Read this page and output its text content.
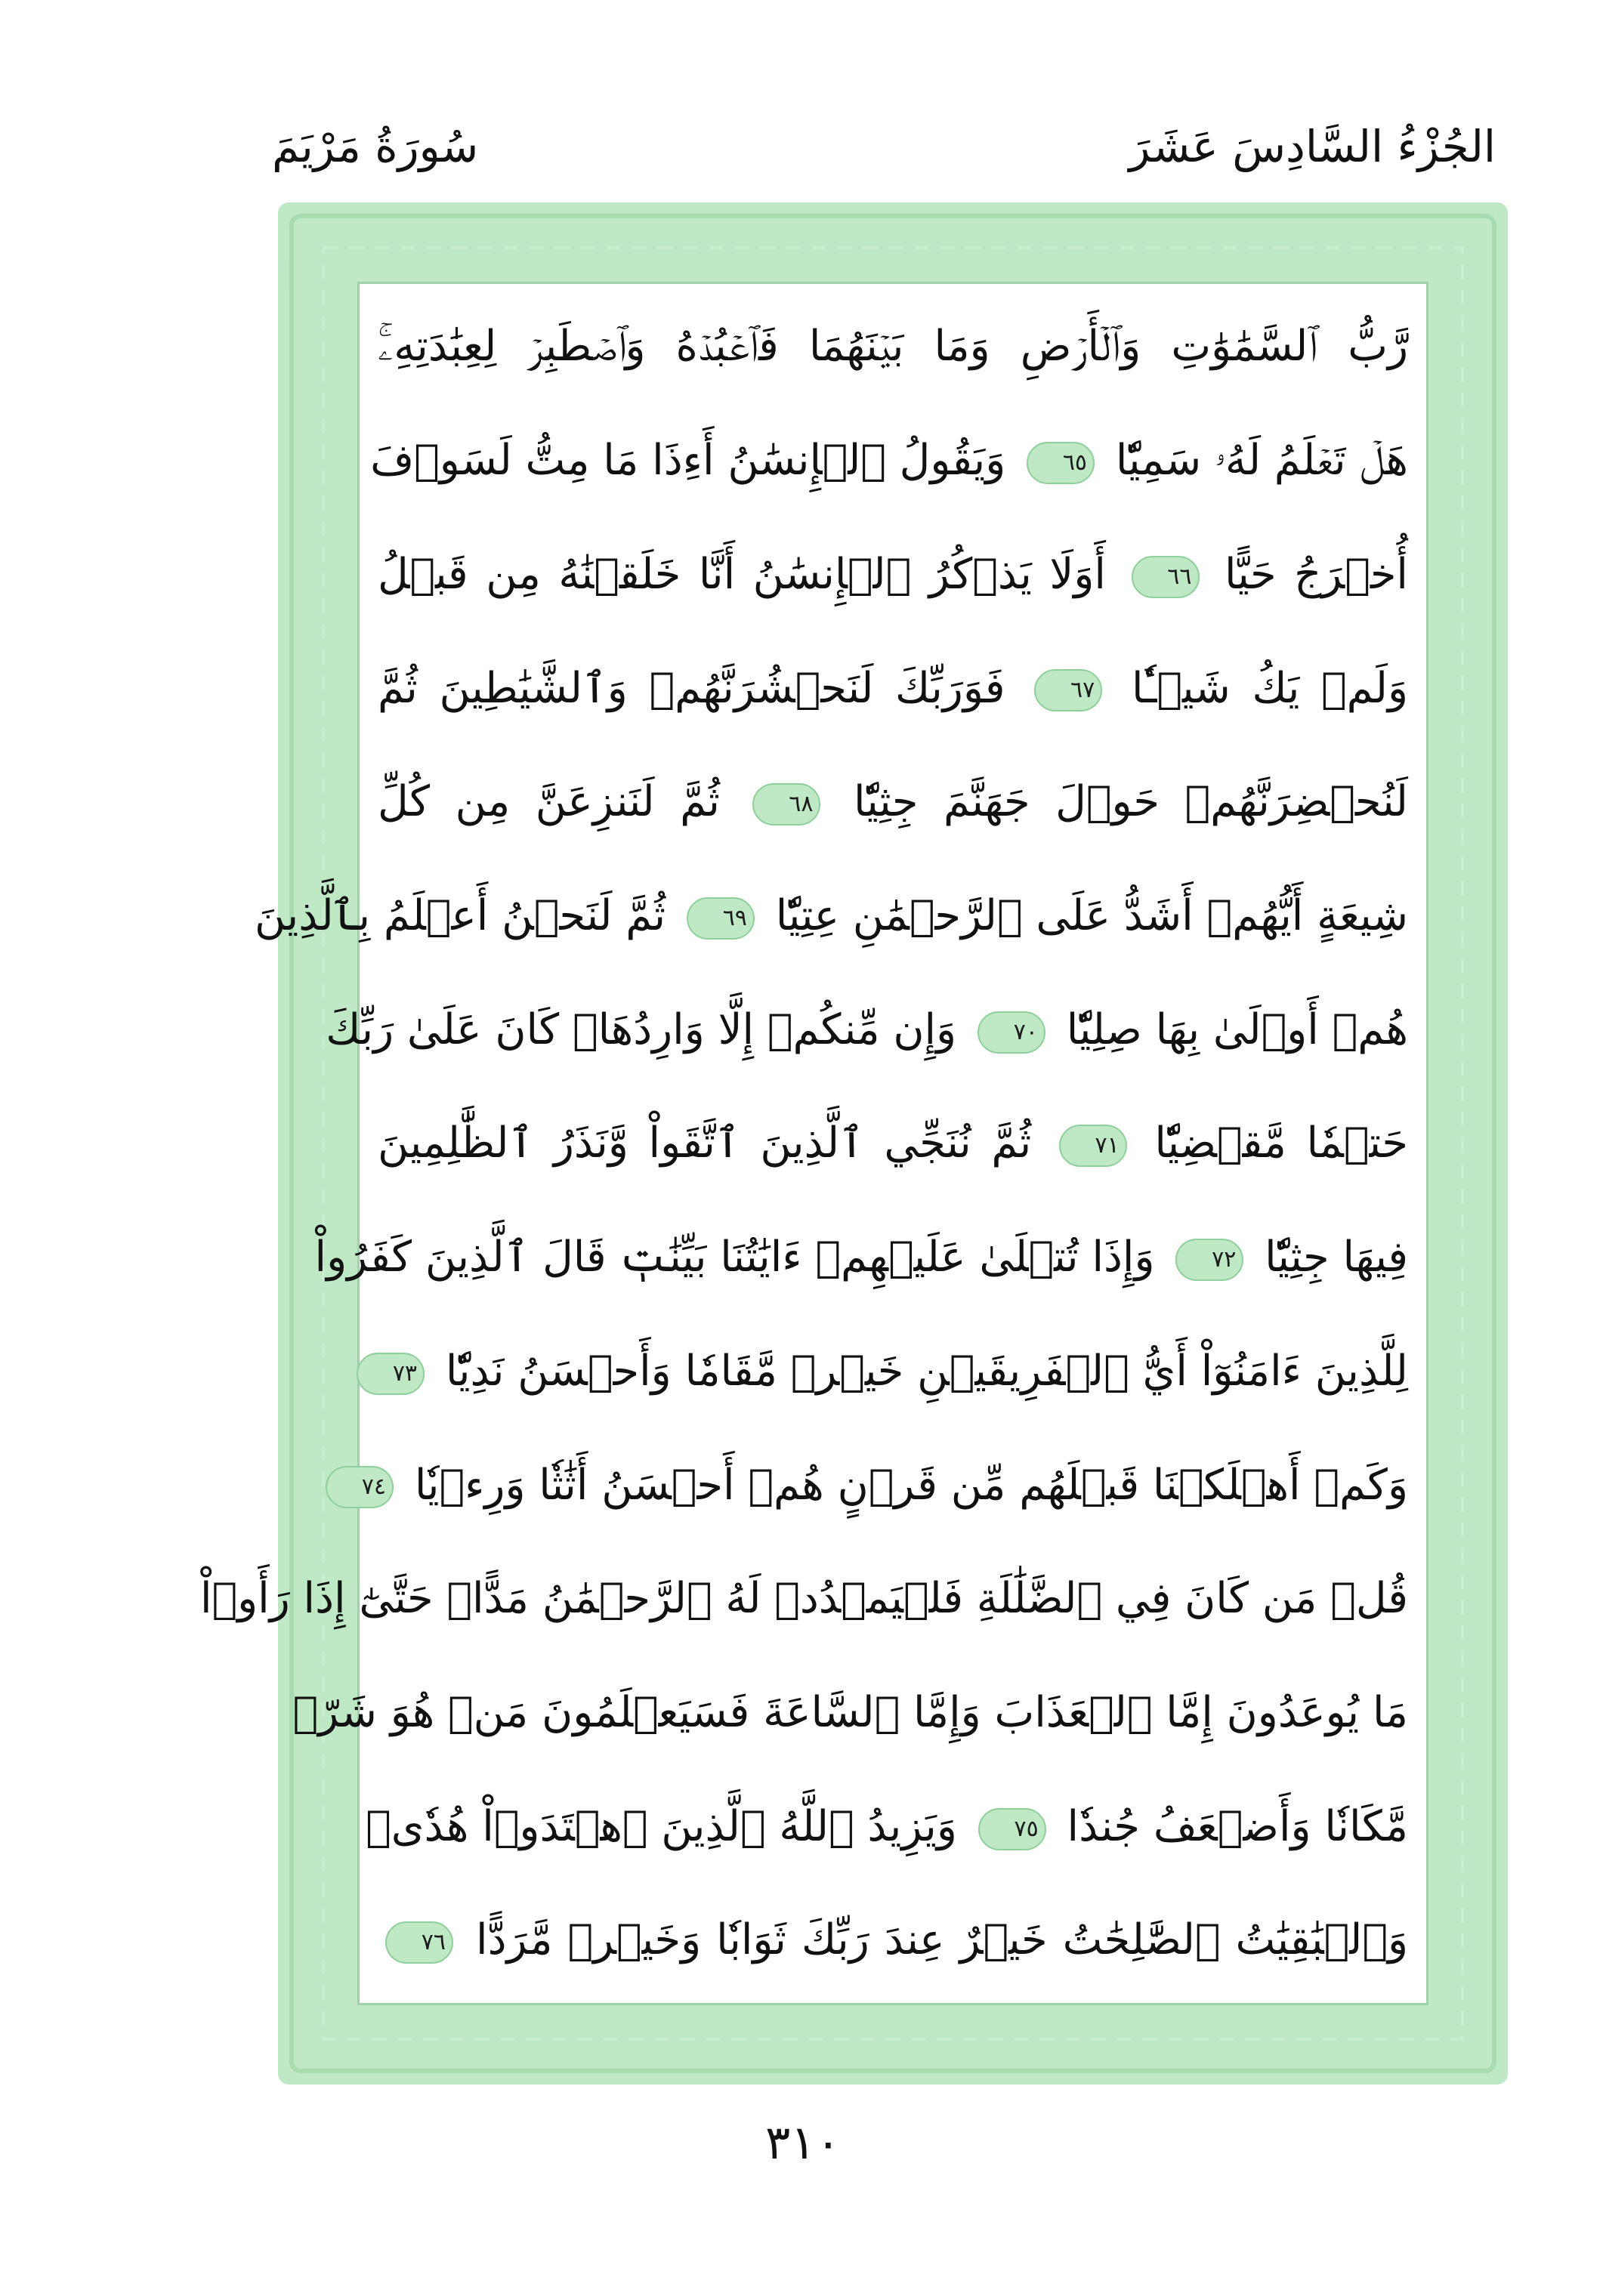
الجُزْءُ السَّادِسَ عَشَرَ
سُورَةُ مَرْيَمَ
رَّبُّ ٱلسَّمَٰوَٰتِ وَٱلۡأَرۡضِ وَمَا بَيۡنَهُمَا فَٱعۡبُدۡهُ وَٱصۡطَبِرۡ لِعِبَٰدَتِهِۦۚ
هَلۡ تَعۡلَمُ لَهُۥ سَمِيّٗا ٦٥ وَيَقُولُ ٱلۡإِنسَٰنُ أَءِذَا مَا مِتُّ لَسَوۡفَ
أُخۡرَجُ حَيًّا ٦٦ أَوَلَا يَذۡكُرُ ٱلۡإِنسَٰنُ أَنَّا خَلَقۡنَٰهُ مِن قَبۡلُ
وَلَمۡ يَكُ شَيۡـٔٗا ٦٧ فَوَرَبِّكَ لَنَحۡشُرَنَّهُمۡ وَٱلشَّيَٰطِينَ ثُمَّ
لَنُحۡضِرَنَّهُمۡ حَوۡلَ جَهَنَّمَ جِثِيّٗا ٦٨ ثُمَّ لَنَنزِعَنَّ مِن كُلِّ
شِيعَةٍ أَيُّهُمۡ أَشَدُّ عَلَى ٱلرَّحۡمَٰنِ عِتِيّٗا ٦٩ ثُمَّ لَنَحۡنُ أَعۡلَمُ بِٱلَّذِينَ
هُمۡ أَوۡلَىٰ بِهَا صِلِيّٗا ٧٠ وَإِن مِّنكُمۡ إِلَّا وَارِدُهَاۚ كَانَ عَلَىٰ رَبِّكَ
حَتۡمٗا مَّقۡضِيّٗا ٧١ ثُمَّ نُنَجِّي ٱلَّذِينَ ٱتَّقَواْ وَّنَذَرُ ٱلظَّٰلِمِينَ
فِيهَا جِثِيّٗا ٧٢ وَإِذَا تُتۡلَىٰ عَلَيۡهِمۡ ءَايَٰتُنَا بَيِّنَٰتٖ قَالَ ٱلَّذِينَ كَفَرُواْ
لِلَّذِينَ ءَامَنُوٓاْ أَيُّ ٱلۡفَرِيقَيۡنِ خَيۡرٞ مَّقَامٗا وَأَحۡسَنُ نَدِيّٗا ٧٣
وَكَمۡ أَهۡلَكۡنَا قَبۡلَهُم مِّن قَرۡنٍ هُمۡ أَحۡسَنُ أَثَٰثٗا وَرِءۡيٗا ٧٤
قُلۡ مَن كَانَ فِي ٱلضَّلَٰلَةِ فَلۡيَمۡدُدۡ لَهُ ٱلرَّحۡمَٰنُ مَدًّاۚ حَتَّىٰٓ إِذَا رَأَوۡاْ
مَا يُوعَدُونَ إِمَّا ٱلۡعَذَابَ وَإِمَّا ٱلسَّاعَةَ فَسَيَعۡلَمُونَ مَنۡ هُوَ شَرّٞ
مَّكَانٗا وَأَضۡعَفُ جُندٗا ٧٥ وَيَزِيدُ ٱللَّهُ ٱلَّذِينَ ٱهۡتَدَوۡاْ هُدٗىۗ
وَٱلۡبَٰقِيَٰتُ ٱلصَّٰلِحَٰتُ خَيۡرٌ عِندَ رَبِّكَ ثَوَابٗا وَخَيۡرٞ مَّرَدًّا ٧٦
٣١٠
